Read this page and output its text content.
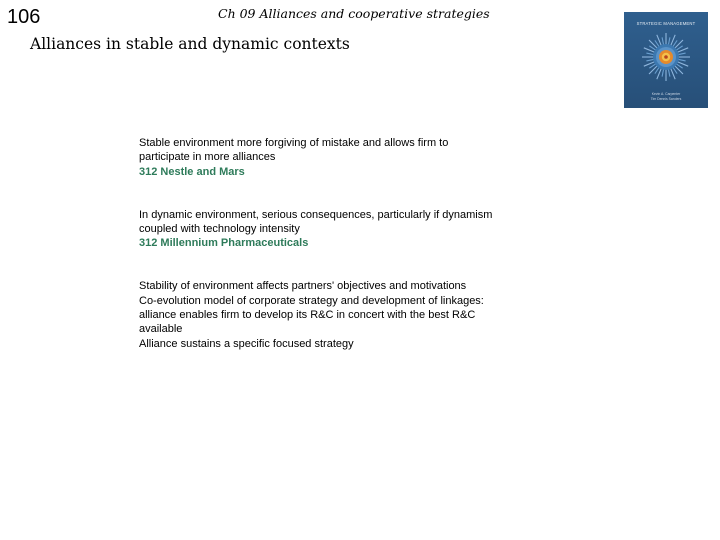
106	Ch 09 Alliances and cooperative strategies
Alliances in stable and dynamic contexts
STRATEGIC MANAGEMENT
Kevin A. Carpenter
Tim Dennis Sanders
Stable environment more forgiving of mistake and allows firm to
participate in more alliances
312 Nestle and Mars
In dynamic environment, serious consequences, particularly if dynamism
coupled with technology intensity
312 Millennium Pharmaceuticals
Stability of environment affects partners' objectives and motivations
Co-evolution model of corporate strategy and development of linkages:
alliance enables firm to develop its R&C in concert with the best R&C
available
Alliance sustains a specific focused strategy
